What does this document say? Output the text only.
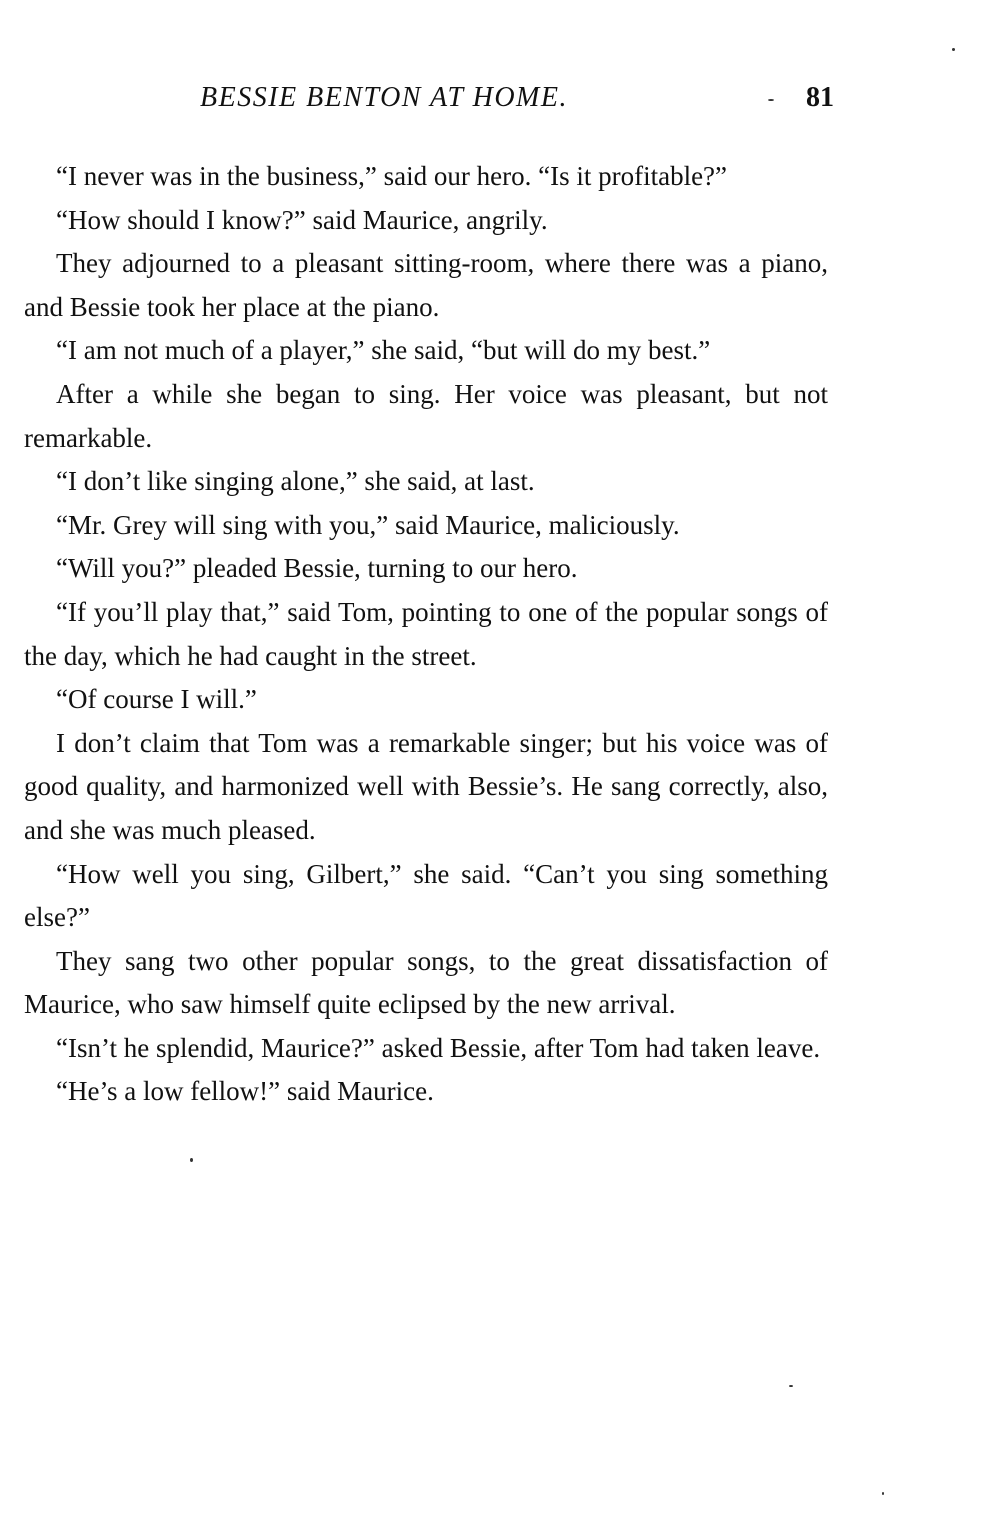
BESSIE BENTON AT HOME.	81

“I never was in the business,” said our hero. “Is it profitable?”

“How should I know?” said Maurice, angrily.

They adjourned to a pleasant sitting-room, where there was a piano, and Bessie took her place at the piano.

“I am not much of a player,” she said, “but will do my best.”

After a while she began to sing. Her voice was pleasant, but not remarkable.

“I don’t like singing alone,” she said, at last.

“Mr. Grey will sing with you,” said Maurice, maliciously.

“Will you?” pleaded Bessie, turning to our hero.

“If you’ll play that,” said Tom, pointing to one of the popular songs of the day, which he had caught in the street.

“Of course I will.”

I don’t claim that Tom was a remarkable singer; but his voice was of good quality, and harmonized well with Bessie’s. He sang correctly, also, and she was much pleased.

“How well you sing, Gilbert,” she said. “Can’t you sing something else?”

They sang two other popular songs, to the great dissatisfaction of Maurice, who saw himself quite eclipsed by the new arrival.

“Isn’t he splendid, Maurice?” asked Bessie, after Tom had taken leave.

“He’s a low fellow!” said Maurice.
